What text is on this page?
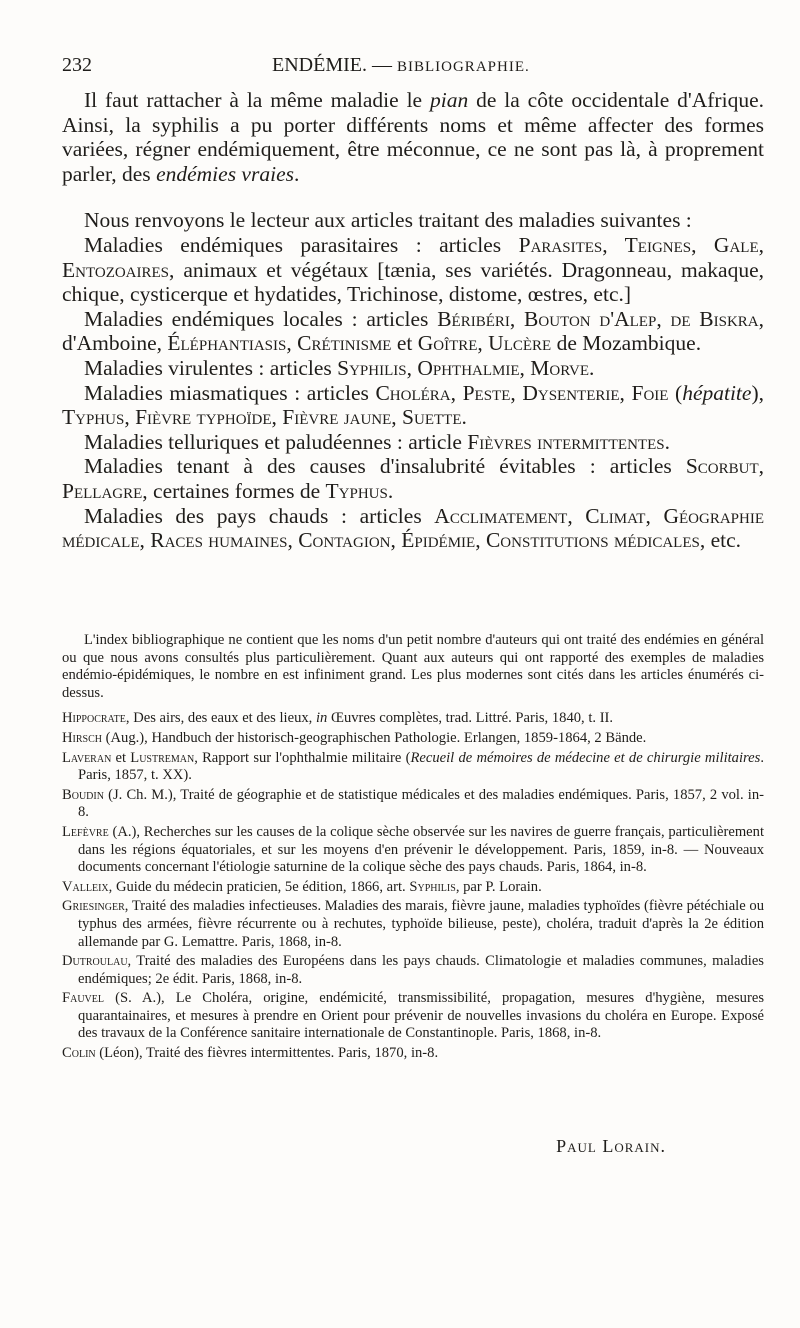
232	ENDÉMIE. — BIBLIOGRAPHIE.

Il faut rattacher à la même maladie le pian de la côte occidentale d'Afrique. Ainsi, la syphilis a pu porter différents noms et même affecter des formes variées, régner endémiquement, être méconnue, ce ne sont pas là, à proprement parler, des endémies vraies.

Nous renvoyons le lecteur aux articles traitant des maladies suivantes :

Maladies endémiques parasitaires : articles Parasites, Teignes, Gale, Entozoaires, animaux et végétaux [tænia, ses variétés. Dragonneau, makaque, chique, cysticerque et hydatides, Trichinose, distome, œstres, etc.]

Maladies endémiques locales : articles Béribéri, Bouton d'Alep, de Biskra, d'Amboine, Éléphantiasis, Crétinisme et Goître, Ulcère de Mozambique.

Maladies virulentes : articles Syphilis, Ophthalmie, Morve.

Maladies miasmatiques : articles Choléra, Peste, Dysenterie, Foie (hépatite), Typhus, Fièvre typhoïde, Fièvre jaune, Suette.

Maladies telluriques et paludéennes : article Fièvres intermittentes.

Maladies tenant à des causes d'insalubrité évitables : articles Scorbut, Pellagre, certaines formes de Typhus.

Maladies des pays chauds : articles Acclimatement, Climat, Géographie médicale, Races humaines, Contagion, Épidémie, Constitutions médicales, etc.

L'index bibliographique ne contient que les noms d'un petit nombre d'auteurs qui ont traité des endémies en général ou que nous avons consultés plus particulièrement. Quant aux auteurs qui ont rapporté des exemples de maladies endémio-épidémiques, le nombre en est infiniment grand. Les plus modernes sont cités dans les articles énumérés ci-dessus.

Hippocrate, Des airs, des eaux et des lieux, in Œuvres complètes, trad. Littré. Paris, 1840, t. II.

Hirsch (Aug.), Handbuch der historisch-geographischen Pathologie. Erlangen, 1859-1864, 2 Bände.

Laveran et Lustreman, Rapport sur l'ophthalmie militaire (Recueil de mémoires de médecine et de chirurgie militaires. Paris, 1857, t. XX).

Boudin (J. Ch. M.), Traité de géographie et de statistique médicales et des maladies endémiques. Paris, 1857, 2 vol. in-8.

Lefèvre (A.), Recherches sur les causes de la colique sèche observée sur les navires de guerre français, particulièrement dans les régions équatoriales, et sur les moyens d'en prévenir le développement. Paris, 1859, in-8. — Nouveaux documents concernant l'étiologie saturnine de la colique sèche des pays chauds. Paris, 1864, in-8.

Valleix, Guide du médecin praticien, 5e édition, 1866, art. Syphilis, par P. Lorain.

Griesinger, Traité des maladies infectieuses. Maladies des marais, fièvre jaune, maladies typhoïdes (fièvre pétéchiale ou typhus des armées, fièvre récurrente ou à rechutes, typhoïde bilieuse, peste), choléra, traduit d'après la 2e édition allemande par G. Lemattre. Paris, 1868, in-8.

Dutroulau, Traité des maladies des Européens dans les pays chauds. Climatologie et maladies communes, maladies endémiques; 2e édit. Paris, 1868, in-8.

Fauvel (S. A.), Le Choléra, origine, endémicité, transmissibilité, propagation, mesures d'hygiène, mesures quarantainaires, et mesures à prendre en Orient pour prévenir de nouvelles invasions du choléra en Europe. Exposé des travaux de la Conférence sanitaire internationale de Constantinople. Paris, 1868, in-8.

Colin (Léon), Traité des fièvres intermittentes. Paris, 1870, in-8.

Paul Lorain.
